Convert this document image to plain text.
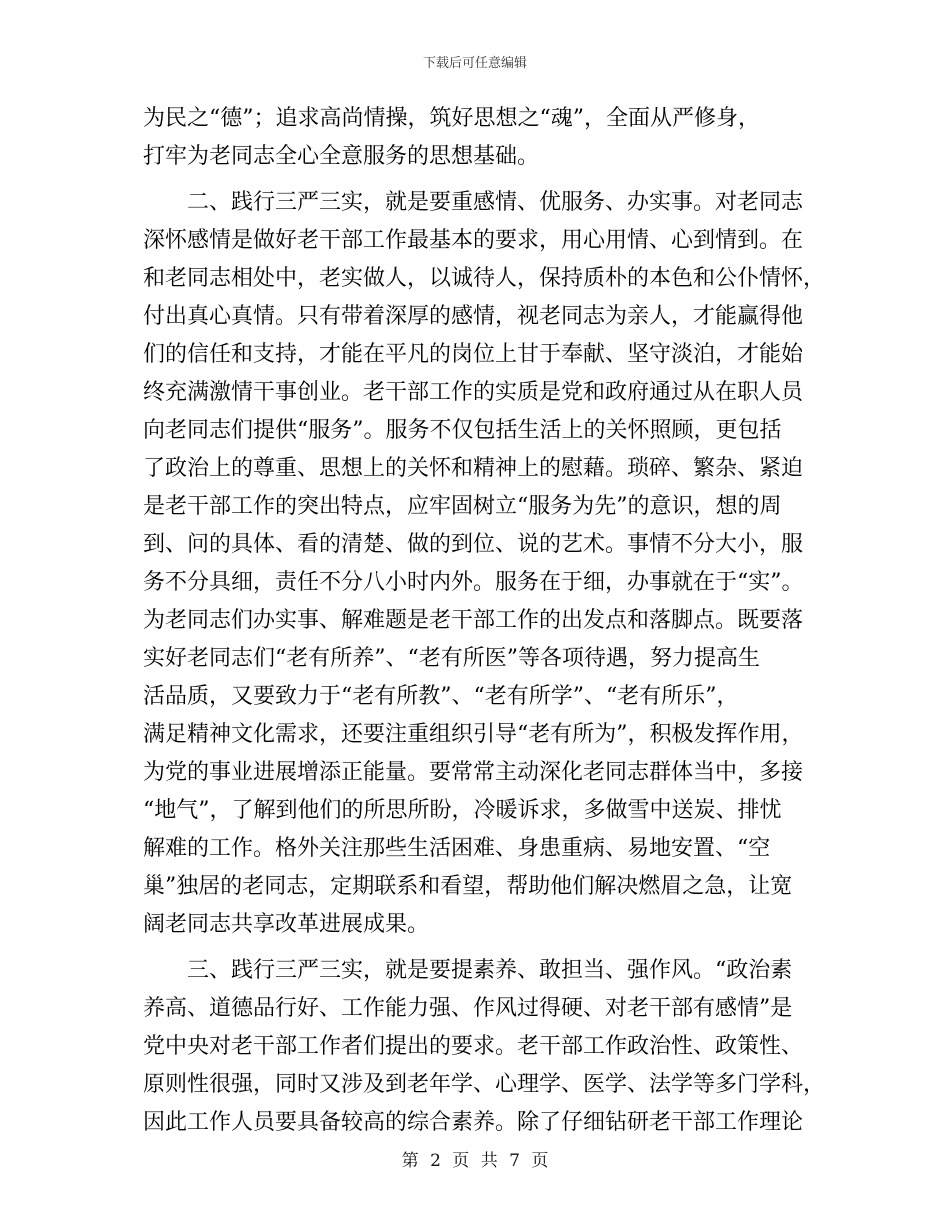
下载后可任意编辑
为民之“德”；追求高尚情操，筑好思想之“魂”，全面从严修身，
打牢为老同志全心全意服务的思想基础。
　　二、践行三严三实，就是要重感情、优服务、办实事。对老同志
深怀感情是做好老干部工作最基本的要求，用心用情、心到情到。在
和老同志相处中，老实做人，以诚待人，保持质朴的本色和公仆情怀，
付出真心真情。只有带着深厚的感情，视老同志为亲人，才能赢得他
们的信任和支持，才能在平凡的岗位上甘于奉献、坚守淡泊，才能始
终充满激情干事创业。老干部工作的实质是党和政府通过从在职人员
向老同志们提供“服务”。服务不仅包括生活上的关怀照顾，更包括
了政治上的尊重、思想上的关怀和精神上的慰藉。琐碎、繁杂、紧迫
是老干部工作的突出特点，应牢固树立“服务为先”的意识，想的周
到、问的具体、看的清楚、做的到位、说的艺术。事情不分大小，服
务不分具细，责任不分八小时内外。服务在于细，办事就在于“实”。
为老同志们办实事、解难题是老干部工作的出发点和落脚点。既要落
实好老同志们“老有所养”、“老有所医”等各项待遇，努力提高生
活品质，又要致力于“老有所教”、“老有所学”、“老有所乐”，
满足精神文化需求，还要注重组织引导“老有所为”，积极发挥作用，
为党的事业进展增添正能量。要常常主动深化老同志群体当中，多接
“地气”，了解到他们的所思所盼，冷暖诉求，多做雪中送炭、排忧
解难的工作。格外关注那些生活困难、身患重病、易地安置、“空
巢”独居的老同志，定期联系和看望，帮助他们解决燃眉之急，让宽
阔老同志共享改革进展成果。
　　三、践行三严三实，就是要提素养、敢担当、强作风。“政治素
养高、道德品行好、工作能力强、作风过得硬、对老干部有感情”是
党中央对老干部工作者们提出的要求。老干部工作政治性、政策性、
原则性很强，同时又涉及到老年学、心理学、医学、法学等多门学科，
因此工作人员要具备较高的综合素养。除了仔细钻研老干部工作理论
第 2 页 共 7 页
